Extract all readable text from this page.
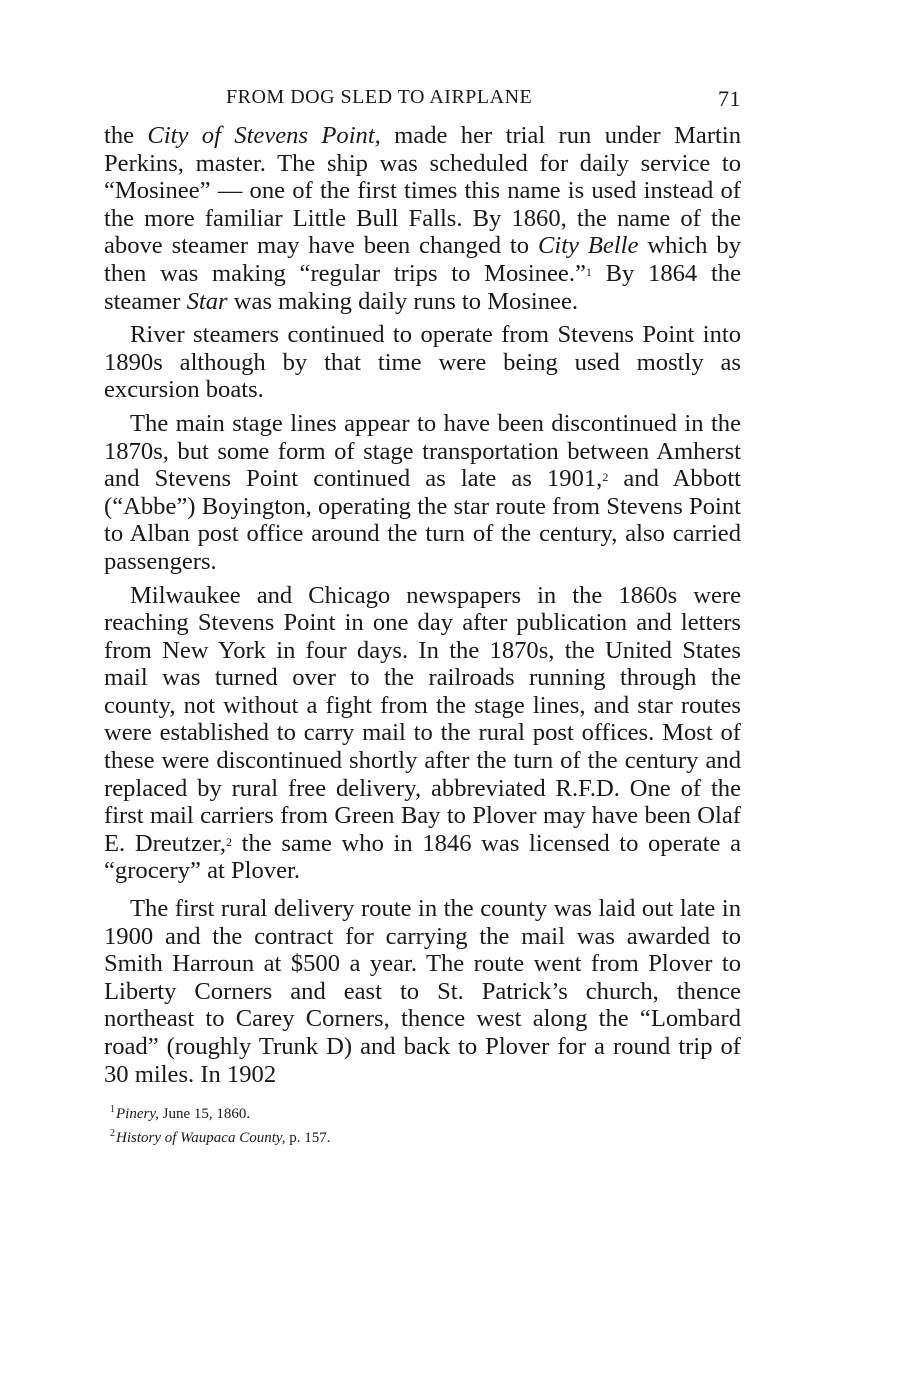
FROM DOG SLED TO AIRPLANE	71

the City of Stevens Point, made her trial run under Martin Perkins, master. The ship was scheduled for daily service to “Mosinee” — one of the first times this name is used instead of the more familiar Little Bull Falls. By 1860, the name of the above steamer may have been changed to City Belle which by then was making “regular trips to Mosinee.”$^1$ By 1864 the steamer Star was making daily runs to Mosinee.

River steamers continued to operate from Stevens Point into 1890s although by that time were being used mostly as excursion boats.

The main stage lines appear to have been discontinued in the 1870s, but some form of stage transportation between Amherst and Stevens Point continued as late as 1901,$^2$ and Abbott (“Abbe”) Boyington, operating the star route from Stevens Point to Alban post office around the turn of the century, also carried passengers.

Milwaukee and Chicago newspapers in the 1860s were reaching Stevens Point in one day after publication and letters from New York in four days. In the 1870s, the United States mail was turned over to the railroads running through the county, not without a fight from the stage lines, and star routes were established to carry mail to the rural post offices. Most of these were discontinued shortly after the turn of the century and replaced by rural free delivery, abbreviated R.F.D. One of the first mail carriers from Green Bay to Plover may have been Olaf E. Dreutzer,$^2$ the same who in 1846 was licensed to operate a “grocery” at Plover.

The first rural delivery route in the county was laid out late in 1900 and the contract for carrying the mail was awarded to Smith Harroun at $500 a year. The route went from Plover to Liberty Corners and east to St. Patrick’s church, thence northeast to Carey Corners, thence west along the “Lombard road” (roughly Trunk D) and back to Plover for a round trip of 30 miles. In 1902

$^1$Pinery, June 15, 1860.
$^2$History of Waupaca County, p. 157.
